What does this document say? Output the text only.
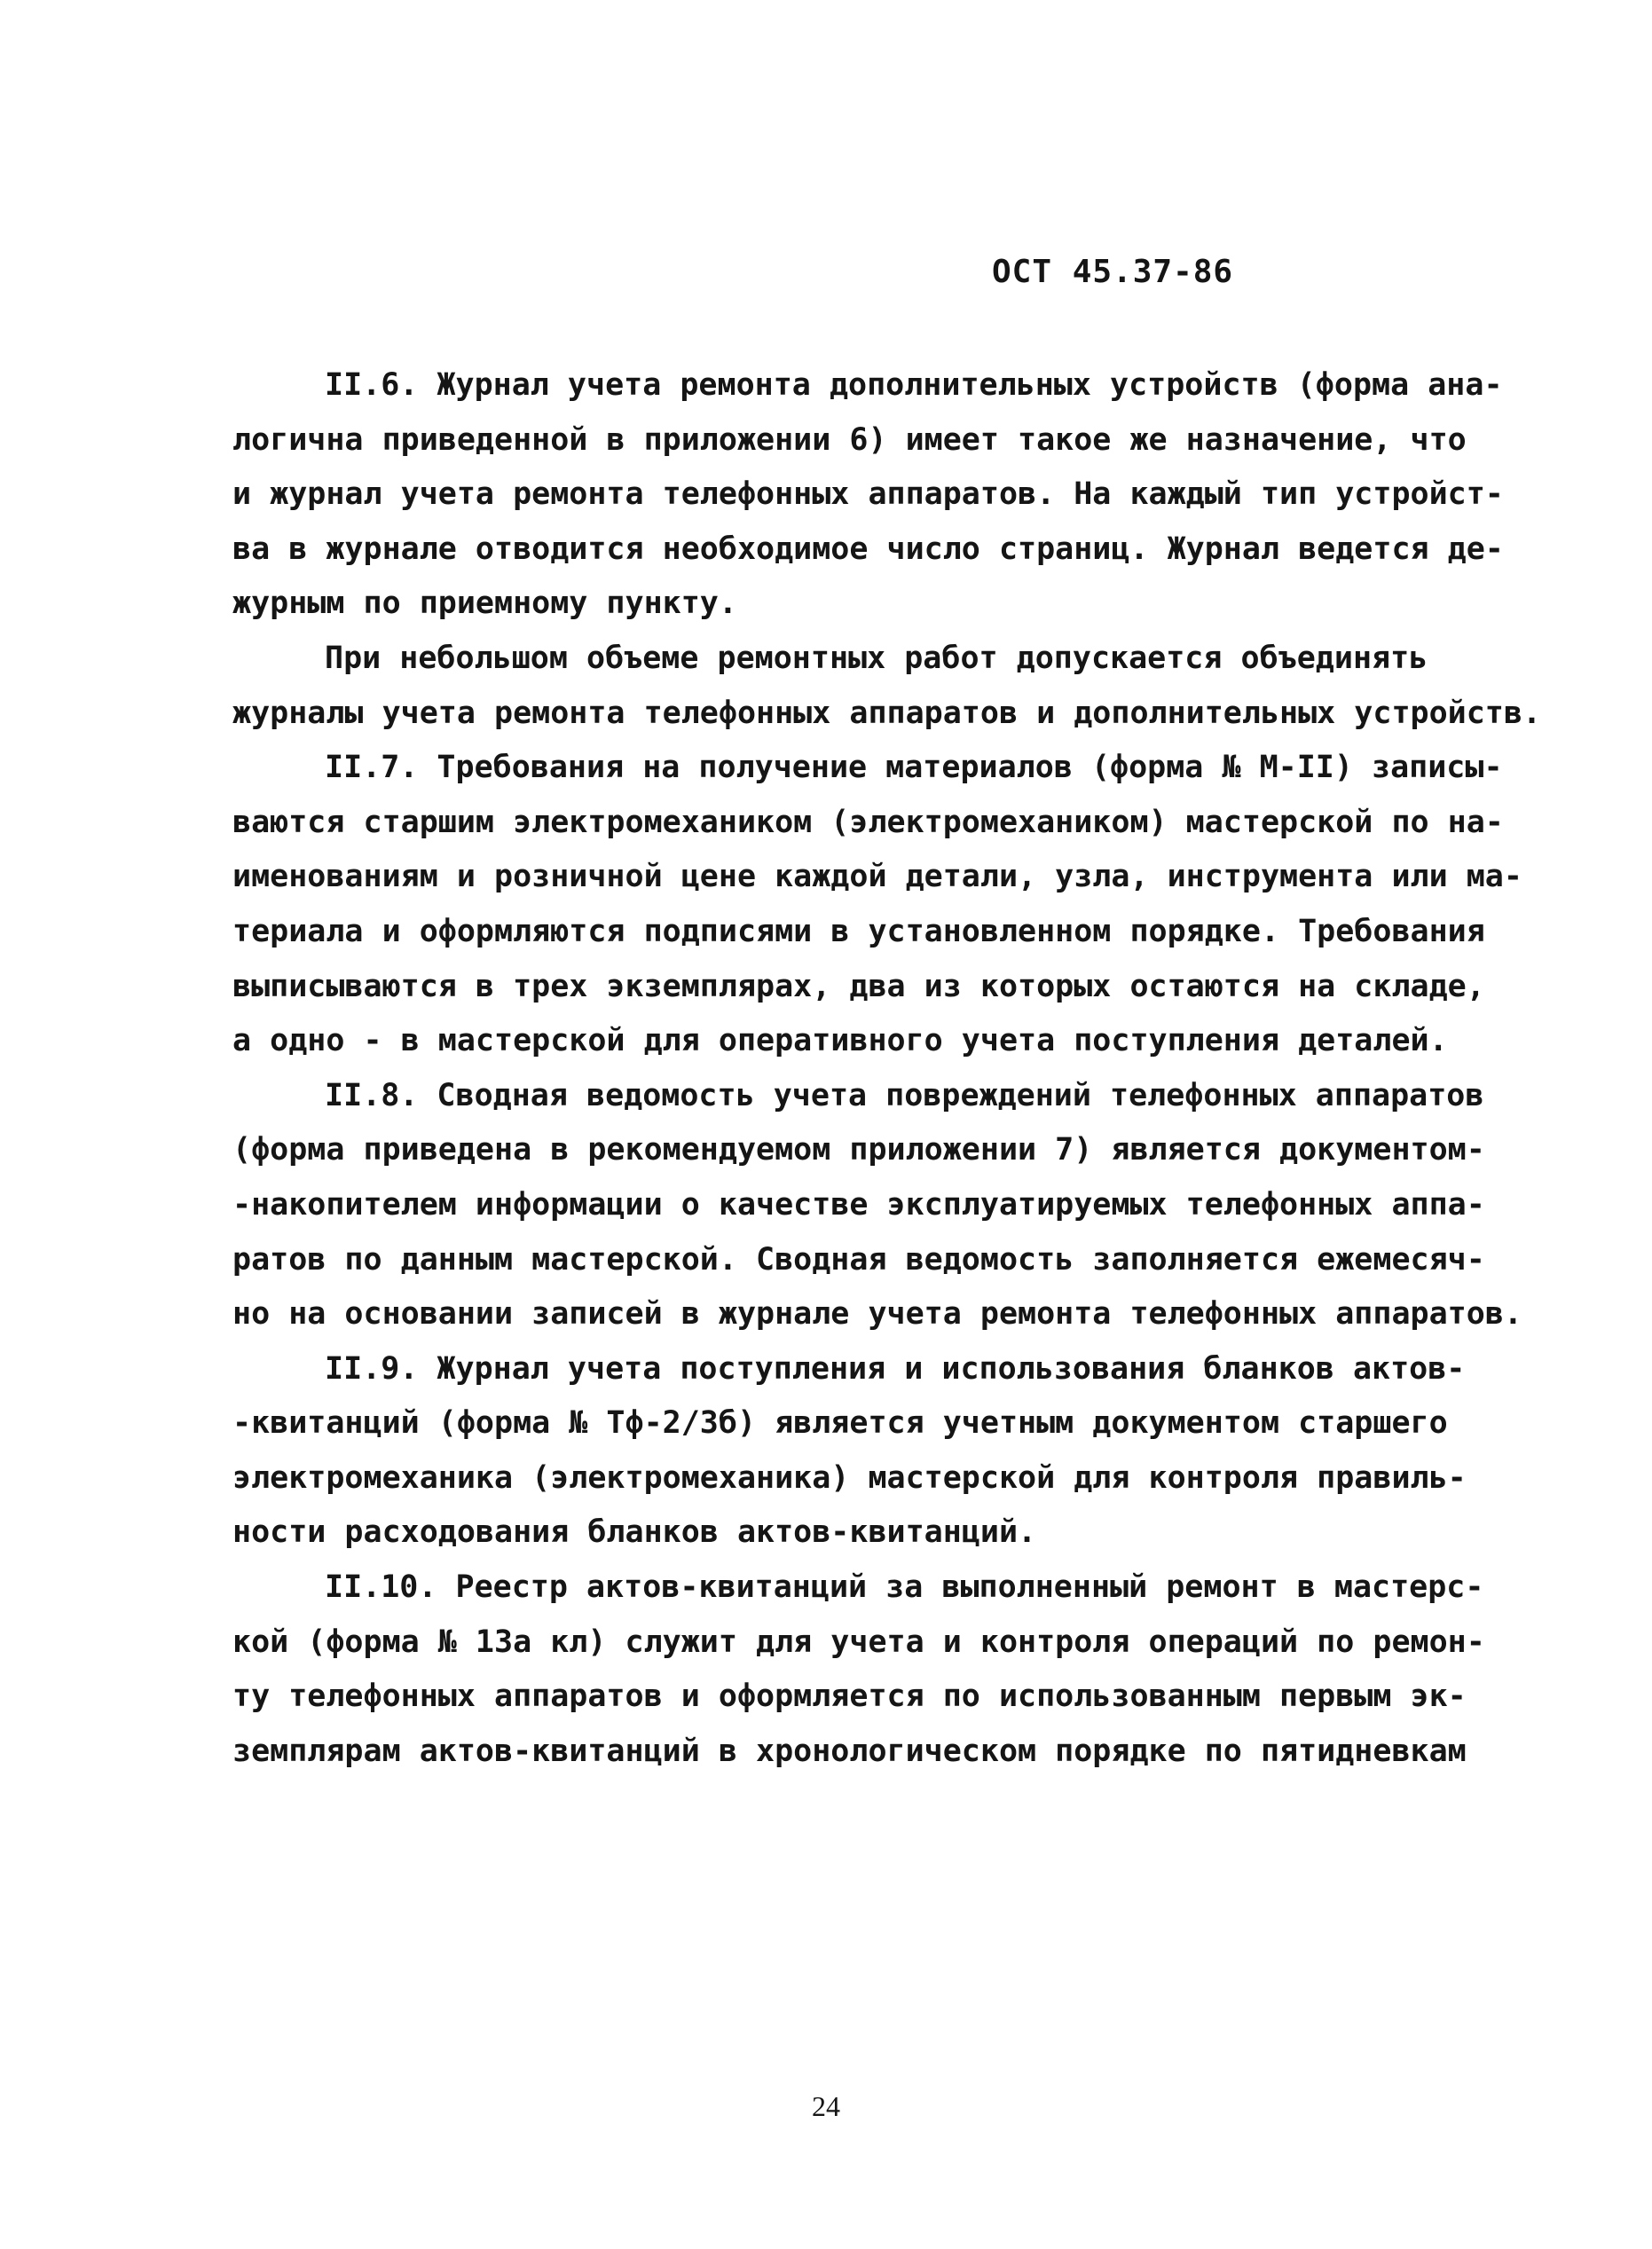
ОСТ 45.37-86
II.6. Журнал учета ремонта дополнительных устройств (форма ана-
логична приведенной в приложении 6) имеет такое же назначение, что
и журнал учета ремонта телефонных аппаратов. На каждый тип устройст-
ва в журнале отводится необходимое число страниц. Журнал ведется де-
журным по приемному пункту.
При небольшом объеме ремонтных работ допускается объединять
журналы учета ремонта телефонных аппаратов и дополнительных устройств.
II.7. Требования на получение материалов (форма № М-II) записы-
ваются старшим электромехаником (электромехаником) мастерской по на-
именованиям и розничной цене каждой детали, узла, инструмента или ма-
териала и оформляются подписями в установленном порядке. Требования
выписываются в трех экземплярах, два из которых остаются на складе,
а одно - в мастерской для оперативного учета поступления деталей.
II.8. Сводная ведомость учета повреждений телефонных аппаратов
(форма приведена в рекомендуемом приложении 7) является документом-
-накопителем информации о качестве эксплуатируемых телефонных аппа-
ратов по данным мастерской. Сводная ведомость заполняется ежемесяч-
но на основании записей в журнале учета ремонта телефонных аппаратов.
II.9. Журнал учета поступления и использования бланков актов-
-квитанций (форма № Тф-2/3б) является учетным документом старшего
электромеханика (электромеханика) мастерской для контроля правиль-
ности расходования бланков актов-квитанций.
II.10. Реестр актов-квитанций за выполненный ремонт в мастерс-
кой (форма № 13а кл) служит для учета и контроля операций по ремон-
ту телефонных аппаратов и оформляется по использованным первым эк-
земплярам актов-квитанций в хронологическом порядке по пятидневкам
24
